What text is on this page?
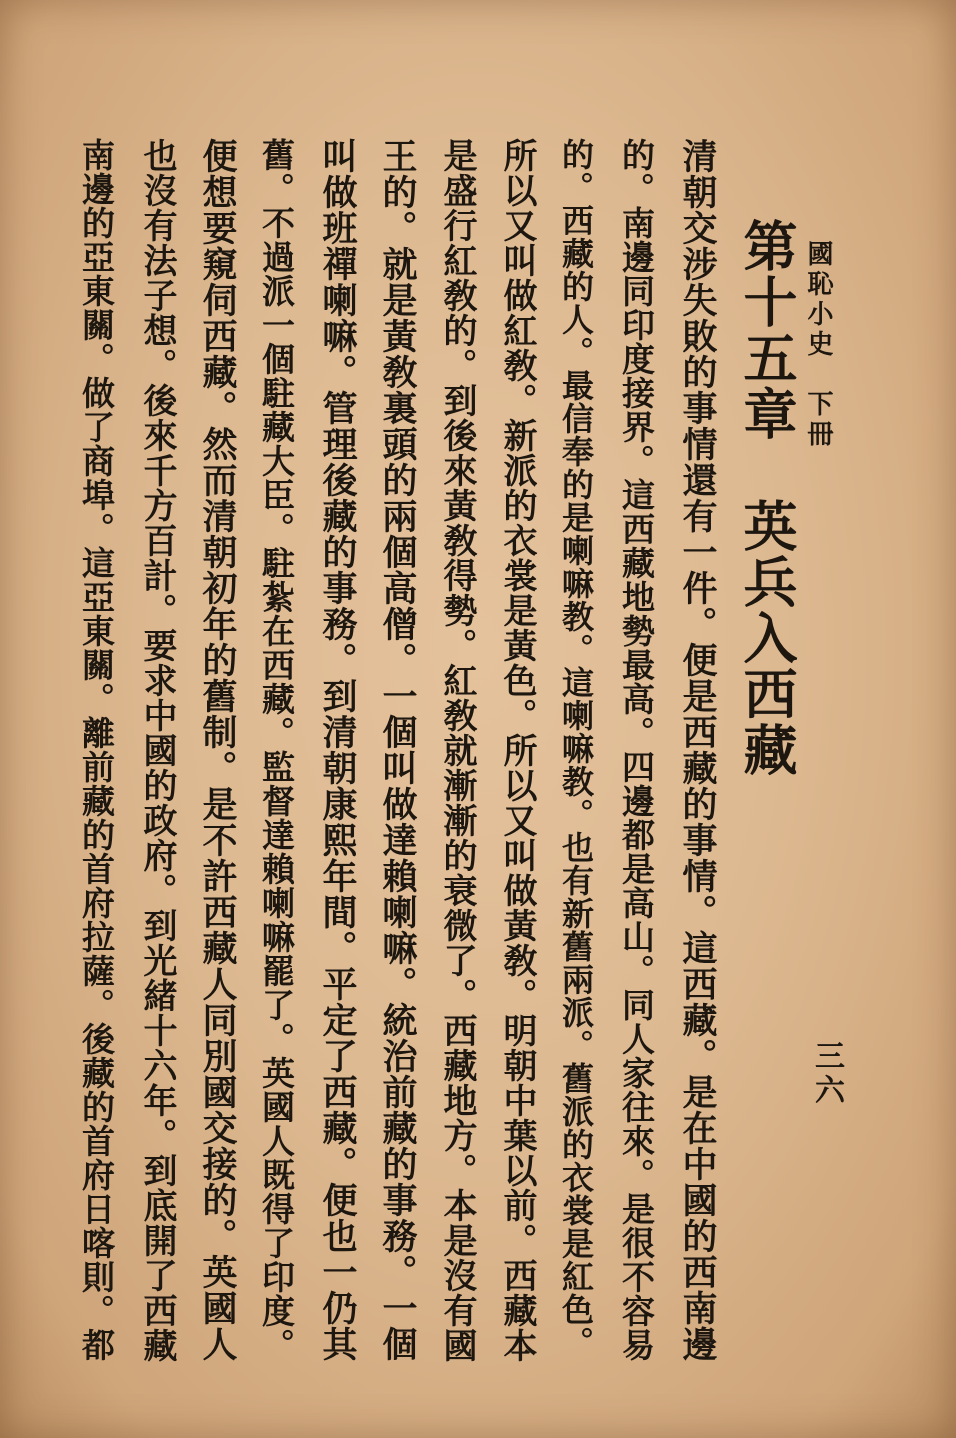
國恥小史　下冊
三六
第十五章　英兵入西藏
清朝交涉失敗的事情還有一件。便是西藏的事情。這西藏。是在中國的西南邊
的。南邊同印度接界。這西藏地勢最高。四邊都是高山。同人家往來。是很不容易
的。西藏的人。最信奉的是喇嘛教。這喇嘛教。也有新舊兩派。舊派的衣裳是紅色。
所以又叫做紅敎。新派的衣裳是黃色。所以又叫做黃敎。明朝中葉以前。西藏本
是盛行紅敎的。到後來黃敎得勢。紅敎就漸漸的衰微了。西藏地方。本是沒有國
王的。就是黃敎裏頭的兩個高僧。一個叫做達賴喇嘛。統治前藏的事務。一個
叫做班禪喇嘛。管理後藏的事務。到清朝康熙年間。平定了西藏。便也一仍其
舊。不過派一個駐藏大臣。駐紮在西藏。監督達賴喇嘛罷了。英國人既得了印度。
便想要窺伺西藏。然而清朝初年的舊制。是不許西藏人同別國交接的。英國人
也沒有法子想。後來千方百計。要求中國的政府。到光緒十六年。到底開了西藏
南邊的亞東關。做了商埠。這亞東關。離前藏的首府拉薩。後藏的首府日喀則。都
